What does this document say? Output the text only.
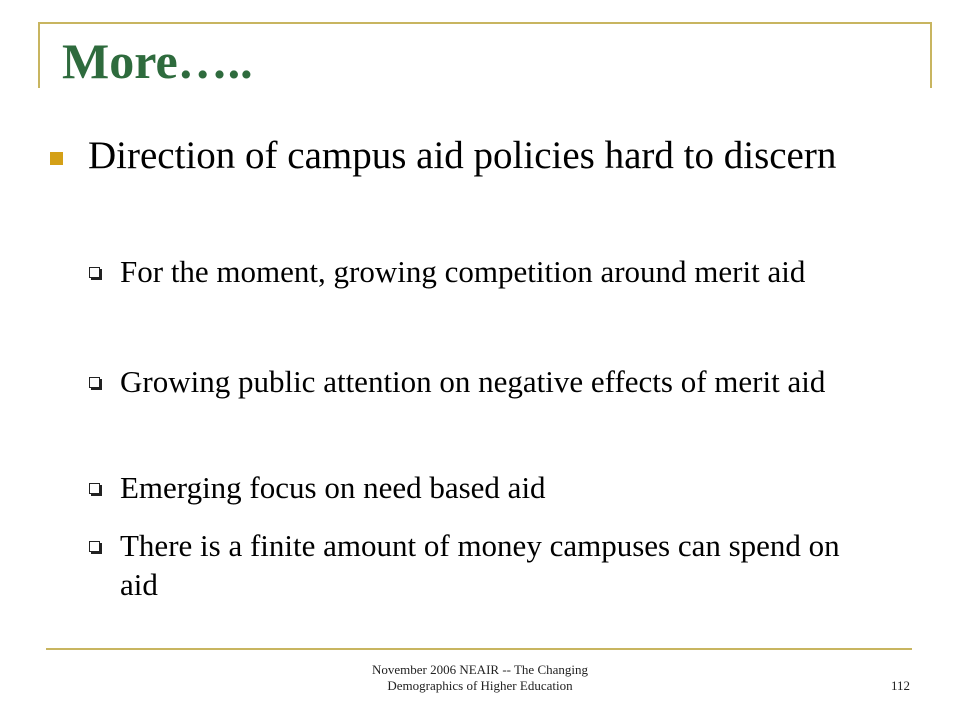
More…..

Direction of campus aid policies hard to discern

For the moment, growing competition around merit aid

Growing public attention on negative effects of merit aid

Emerging focus on need based aid

There is a finite amount of money campuses can spend on aid

November 2006 NEAIR -- The Changing
Demographics of Higher Education	112
